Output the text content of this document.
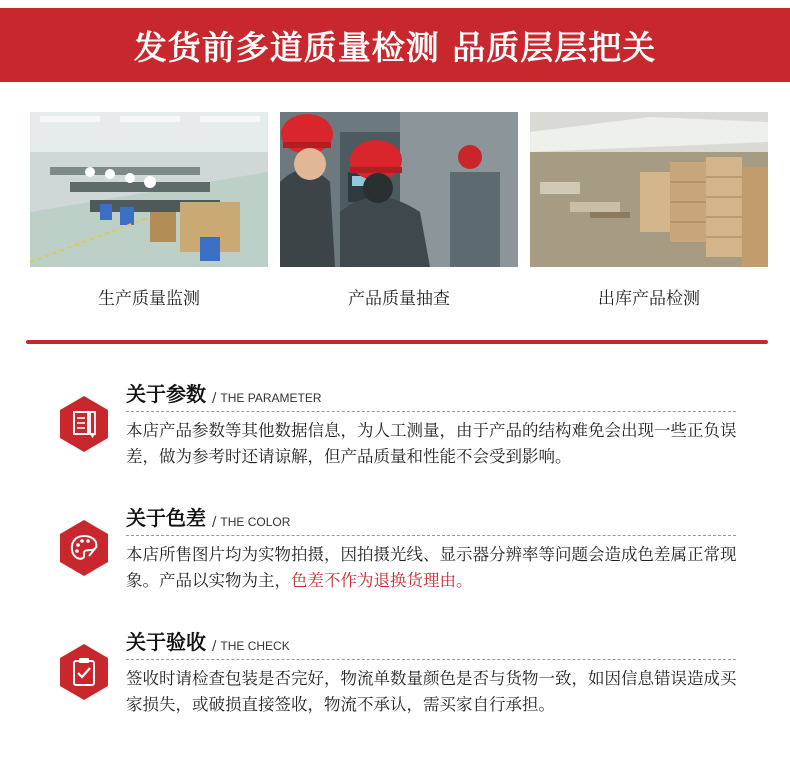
发货前多道质量检测 品质层层把关
生产质量监测	产品质量抽查	出库产品检测
关于参数 / THE PARAMETER
本店产品参数等其他数据信息，为人工测量，由于产品的结构难免会出现一些正负误差，做为参考时还请谅解，但产品质量和性能不会受到影响。
关于色差 / THE COLOR
本店所售图片均为实物拍摄，因拍摄光线、显示器分辨率等问题会造成色差属正常现象。产品以实物为主，色差不作为退换货理由。
关于验收 / THE CHECK
签收时请检查包装是否完好，物流单数量颜色是否与货物一致，如因信息错误造成买家损失，或破损直接签收，物流不承认，需买家自行承担。
